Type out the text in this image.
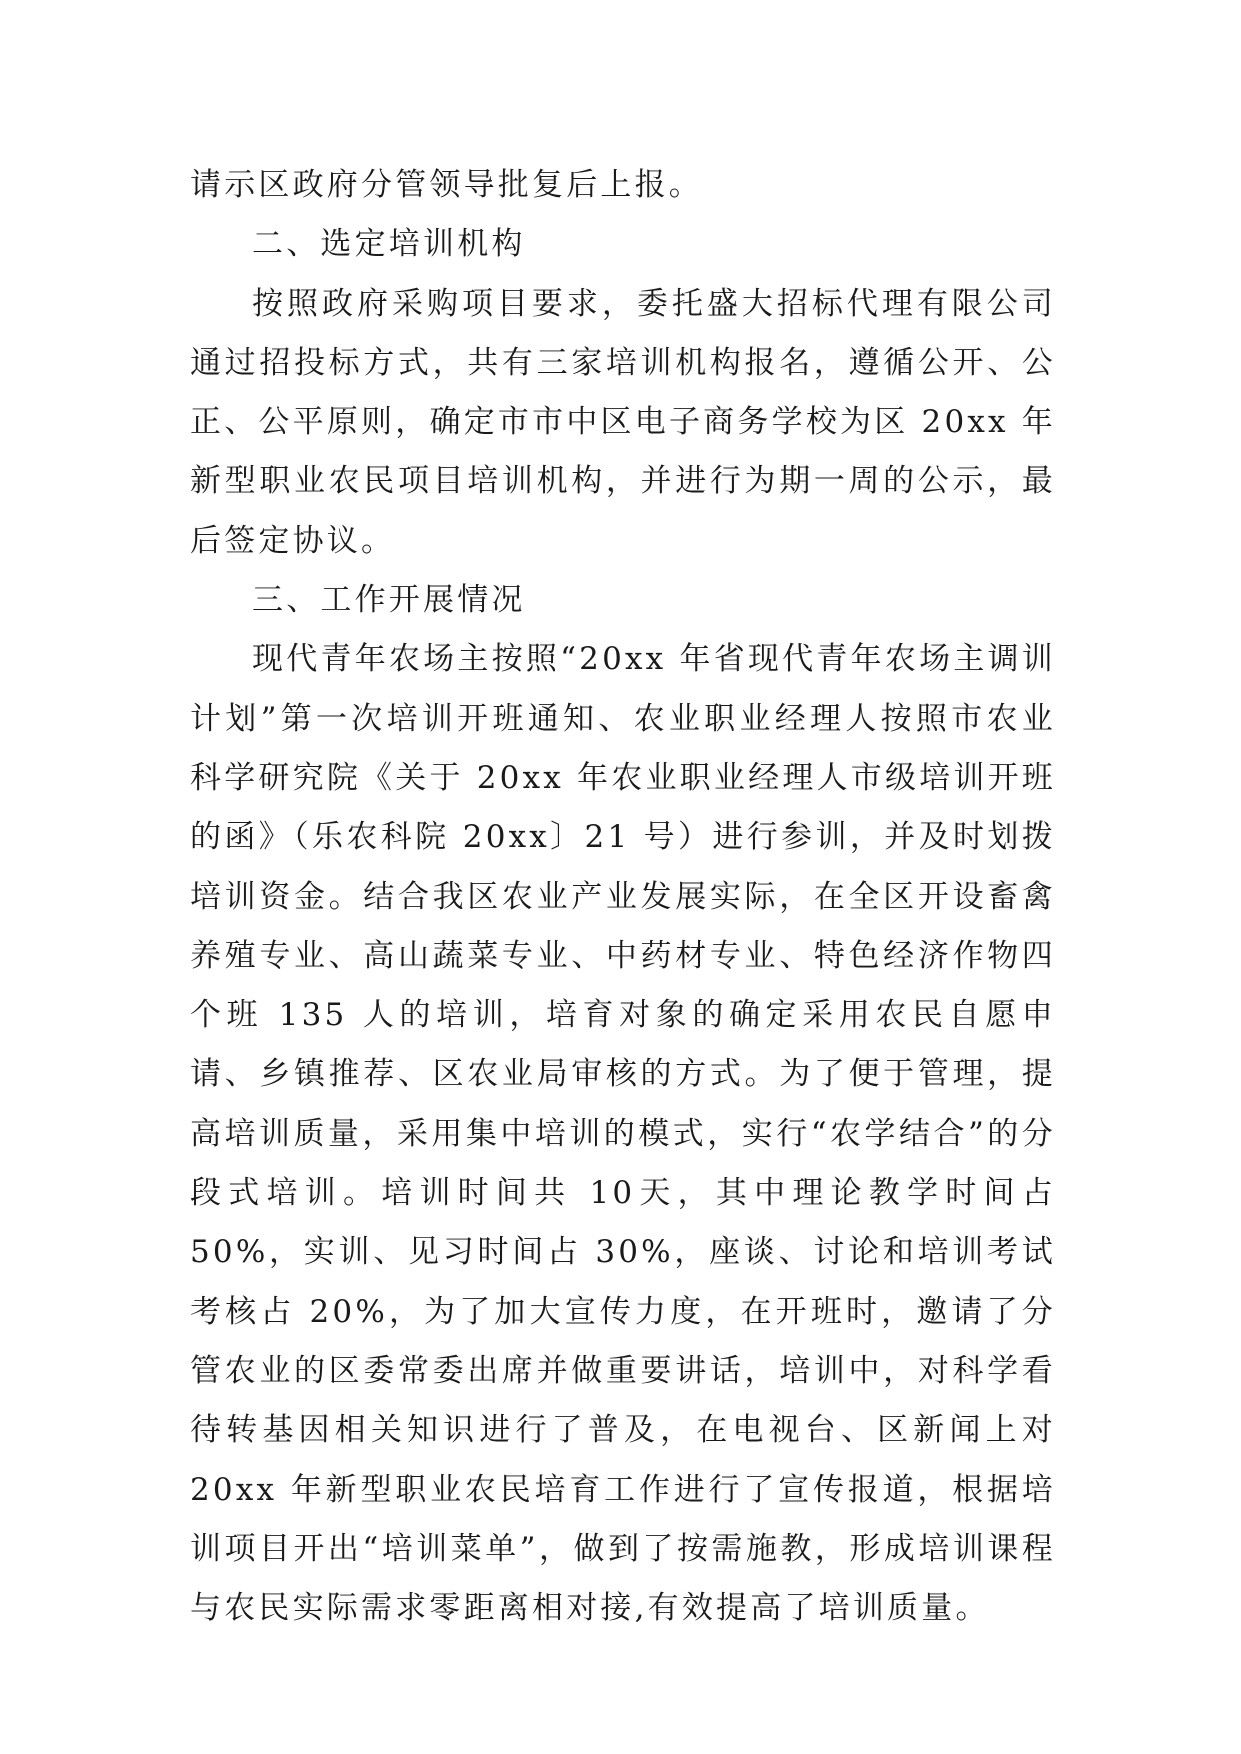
请示区政府分管领导批复后上报。

二、选定培训机构

按照政府采购项目要求，委托盛大招标代理有限公司通过招投标方式，共有三家培训机构报名，遵循公开、公正、公平原则，确定市市中区电子商务学校为区 20xx 年新型职业农民项目培训机构，并进行为期一周的公示，最后签定协议。

三、工作开展情况

现代青年农场主按照“20xx 年省现代青年农场主调训计划”第一次培训开班通知、农业职业经理人按照市农业科学研究院《关于 20xx 年农业职业经理人市级培训开班的函》（乐农科院 20xx〕21 号）进行参训，并及时划拨培训资金。结合我区农业产业发展实际，在全区开设畜禽养殖专业、高山蔬菜专业、中药材专业、特色经济作物四个班 135 人的培训，培育对象的确定采用农民自愿申请、乡镇推荐、区农业局审核的方式。为了便于管理，提高培训质量，采用集中培训的模式，实行“农学结合”的分段式培训。培训时间共 10天，其中理论教学时间占 50%，实训、见习时间占 30%，座谈、讨论和培训考试考核占 20%，为了加大宣传力度，在开班时，邀请了分管农业的区委常委出席并做重要讲话，培训中，对科学看待转基因相关知识进行了普及，在电视台、区新闻上对 20xx 年新型职业农民培育工作进行了宣传报道，根据培训项目开出“培训菜单”，做到了按需施教，形成培训课程与农民实际需求零距离相对接,有效提高了培训质量。
